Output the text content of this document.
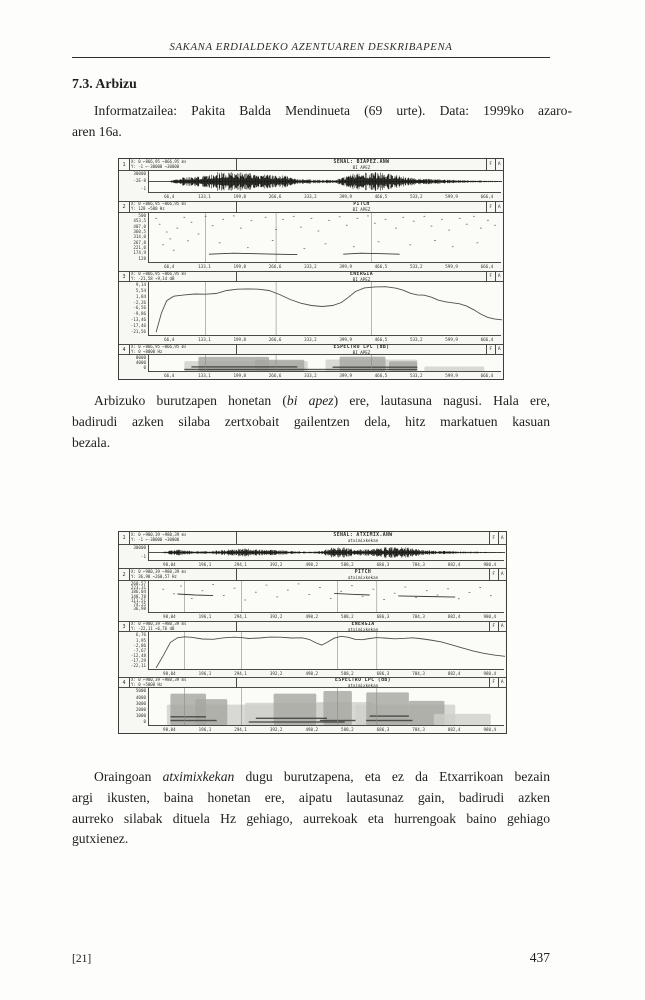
SAKANA ERDIALDEKO AZENTUAREN DESKRIBAPENA
7.3. Arbizu
Informatzailea: Pakita Balda Mendinueta (69 urte). Data: 1999ko azaro-
aren 16a.
1
X: 0 ←866,95 →866,95 ms
Y: -1 ←-30000 →30000
SEÑAL: BIAPEZ.ANW
BI APEZ	F	A
30000
-2E-8
-1
66,4	133,1	199,8	266,6	333,2	399,9	466,5	533,2	599,9	666,4
2
X: 0 ←866,95 →866,95 ms
Y: 128 →500 Hz
PITCH
BI APEZ	F	A
500
453,5
407,0
360,5
314,0
267,8
221,0
174,9
128
66,4	133,1	199,8	266,6	333,2	399,9	466,5	533,2	599,9	666,4
3
X: 0 ←866,95 →866,95 ms
Y: -21,58 →9,14 dB
ENERGIA
BI APEZ	F	A
9,14
5,54
1,84
-2,26
-6,56
-9,86
-13,46
-17,46
-21,56
66,4	133,1	199,8	266,6	333,2	399,9	466,5	533,2	599,9	666,4
4
X: 0 ←866,95 →866,95 ms
Y: 0 →8000 Hz
ESPECTRO LPC (dB)
BI APEZ	F	A
8000
4000
0
66,4	133,1	199,8	266,6	333,2	399,9	466,5	533,2	599,9	666,4
Arbizuko burutzapen honetan (bi apez) ere, lautasuna nagusi. Hala ere,
badirudi azken silaba zertxobait gailentzen dela, hitz markatuen kasuan
bezala.
1
X: 0 ←980,39 →980,39 ms
Y: -1 ←-30000 →30000
SEÑAL: ATXIMIX.ANW
atximixkekan	F	A
30000
-1
98,04	196,1	294,1	392,2	490,2	588,2	686,3	784,3	882,4	980,4
2
X: 0 ←980,39 →980,39 ms
Y: 36,98 →260,57 Hz
PITCH
atximixkekan	F	A
260,57
223,31
186,04
148,78
111,51
74,25
36,98
98,04	196,1	294,1	392,2	490,2	588,2	686,3	784,3	882,4	980,4
3
X: 0 ←980,39 →980,39 ms
Y: -22,11 →6,76 dB
ENERGIA
atximixkekan	F	A
6,76
1,95
-2,86
-7,67
-12,48
-17,29
-22,11
98,04	196,1	294,1	392,2	490,2	588,2	686,3	784,3	882,4	980,4
4
X: 0 ←980,39 →980,39 ms
Y: 0 →5000 Hz
ESPECTRO LPC (dB)
atximixkekan	F	A
5000
4000
3000
2000
1000
0
98,04	196,1	294,1	392,2	490,2	588,2	686,3	784,3	882,4	980,4
Oraingoan atximixkekan dugu burutzapena, eta ez da Etxarrikoan bezain
argi ikusten, baina honetan ere, aipatu lautasunaz gain, badirudi azken
aurreko silabak dituela Hz gehiago, aurrekoak eta hurrengoak baino gehiago
gutxienez.
[21]	437
